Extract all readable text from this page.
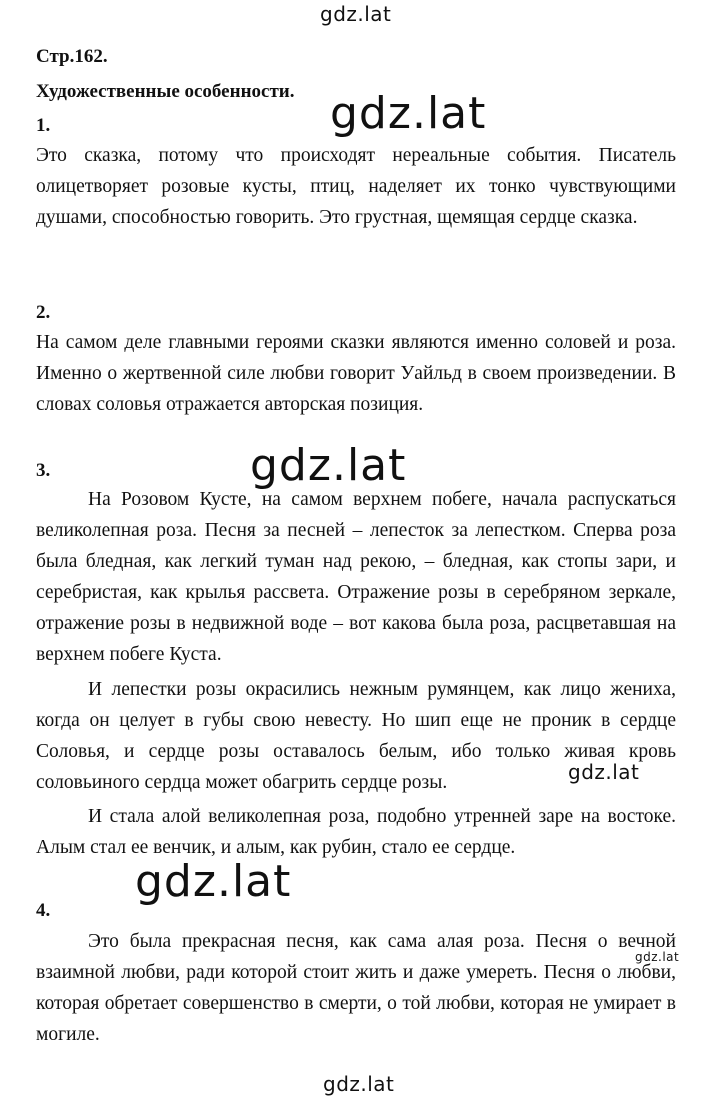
gdz.lat
Стр.162.
Художественные особенности. gdz.lat
1.

Это сказка, потому что происходят нереальные события. Писатель олицетворяет розовые кусты, птиц, наделяет их тонко чувствующими душами, способностью говорить. Это грустная, щемящая сердце сказка.

2.

На самом деле главными героями сказки являются именно соловей и роза. Именно о жертвенной силе любви говорит Уайльд в своем произведении. В словах соловья отражается авторская позиция.

3.	gdz.lat

На Розовом Кусте, на самом верхнем побеге, начала распускаться великолепная роза. Песня за песней – лепесток за лепестком. Сперва роза была бледная, как легкий туман над рекою, – бледная, как стопы зари, и серебристая, как крылья рассвета. Отражение розы в серебряном зеркале, отражение розы в недвижной воде – вот какова была роза, расцветавшая на верхнем побеге Куста.

И лепестки розы окрасились нежным румянцем, как лицо жениха, когда он целует в губы свою невесту. Но шип еще не проник в сердце Соловья, и сердце розы оставалось белым, ибо только живая кровь соловьиного сердца может обагрить сердце розы.	gdz.lat

И стала алой великолепная роза, подобно утренней заре на востоке. Алым стал ее венчик, и алым, как рубин, стало ее сердце.

gdz.lat
4.

Это была прекрасная песня, как сама алая роза. Песня о вечной взаимной любви, ради которой стоит жить и даже умереть. Песня о любви, которая обретает совершенство в смерти, о той любви, которая не умирает в могиле.

gdz.lat
gdz.lat
